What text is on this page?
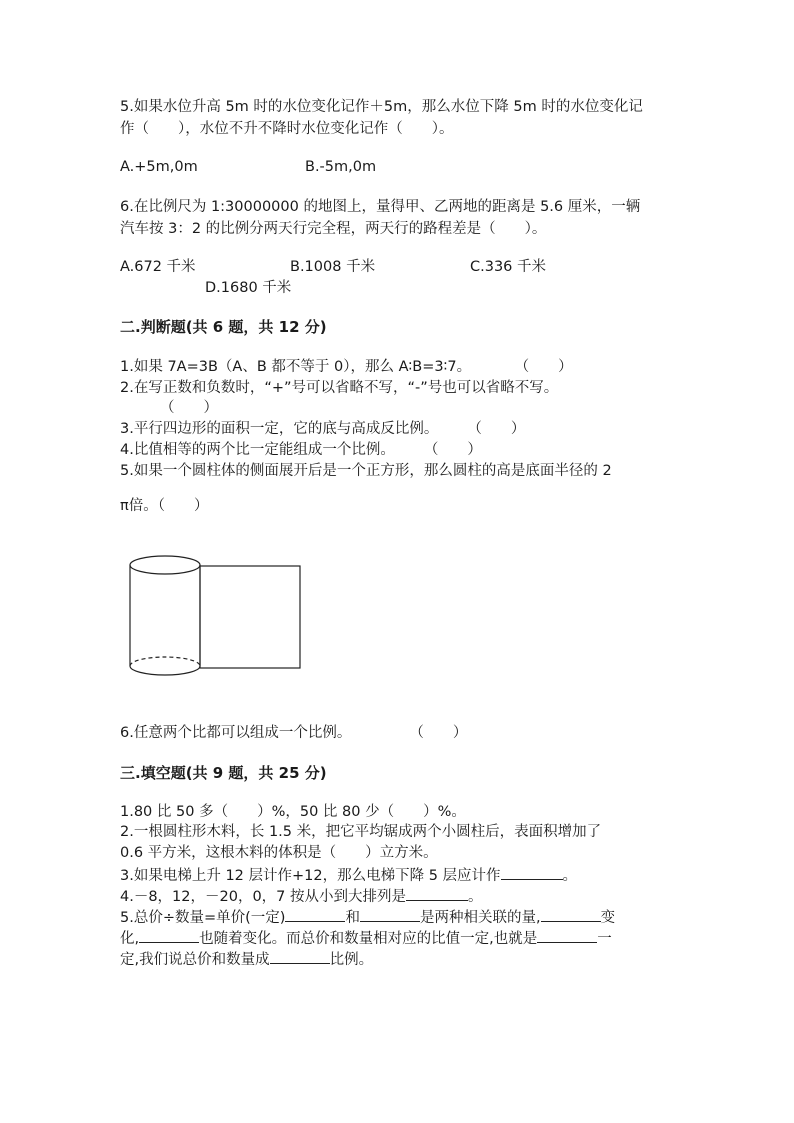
5.如果水位升高 5m 时的水位变化记作＋5m，那么水位下降 5m 时的水位变化记
作（　　），水位不升不降时水位变化记作（　　）。
A.+5m,0m	B.-5m,0m
6.在比例尺为 1:30000000 的地图上，量得甲、乙两地的距离是 5.6 厘米，一辆
汽车按 3：2 的比例分两天行完全程，两天行的路程差是（　　）。
A.672 千米	B.1008 千米	C.336 千米
D.1680 千米
二.判断题(共 6 题，共 12 分)
1.如果 7A=3B（A、B 都不等于 0），那么 A∶B=3∶7。　　　　（　　）
2.在写正数和负数时，“+”号可以省略不写，“-”号也可以省略不写。
（　　）
3.平行四边形的面积一定，它的底与高成反比例。　　　（　　）
4.比值相等的两个比一定能组成一个比例。　　　（　　）
5.如果一个圆柱体的侧面展开后是一个正方形，那么圆柱的高是底面半径的 2
π倍。（　　）
6.任意两个比都可以组成一个比例。　　　　　（　　）
三.填空题(共 9 题，共 25 分)
1.80 比 50 多（　　）%，50 比 80 少（　　）%。
2.一根圆柱形木料，长 1.5 米，把它平均锯成两个小圆柱后，表面积增加了
0.6 平方米，这根木料的体积是（　　）立方米。
3.如果电梯上升 12 层计作+12，那么电梯下降 5 层应计作	。
4.－8，12，－20，0，7 按从小到大排列是	。
5.总价÷数量=单价(一定)	和	是两种相关联的量,	变
化,	也随着变化。而总价和数量相对应的比值一定,也就是	一
定,我们说总价和数量成	比例。
